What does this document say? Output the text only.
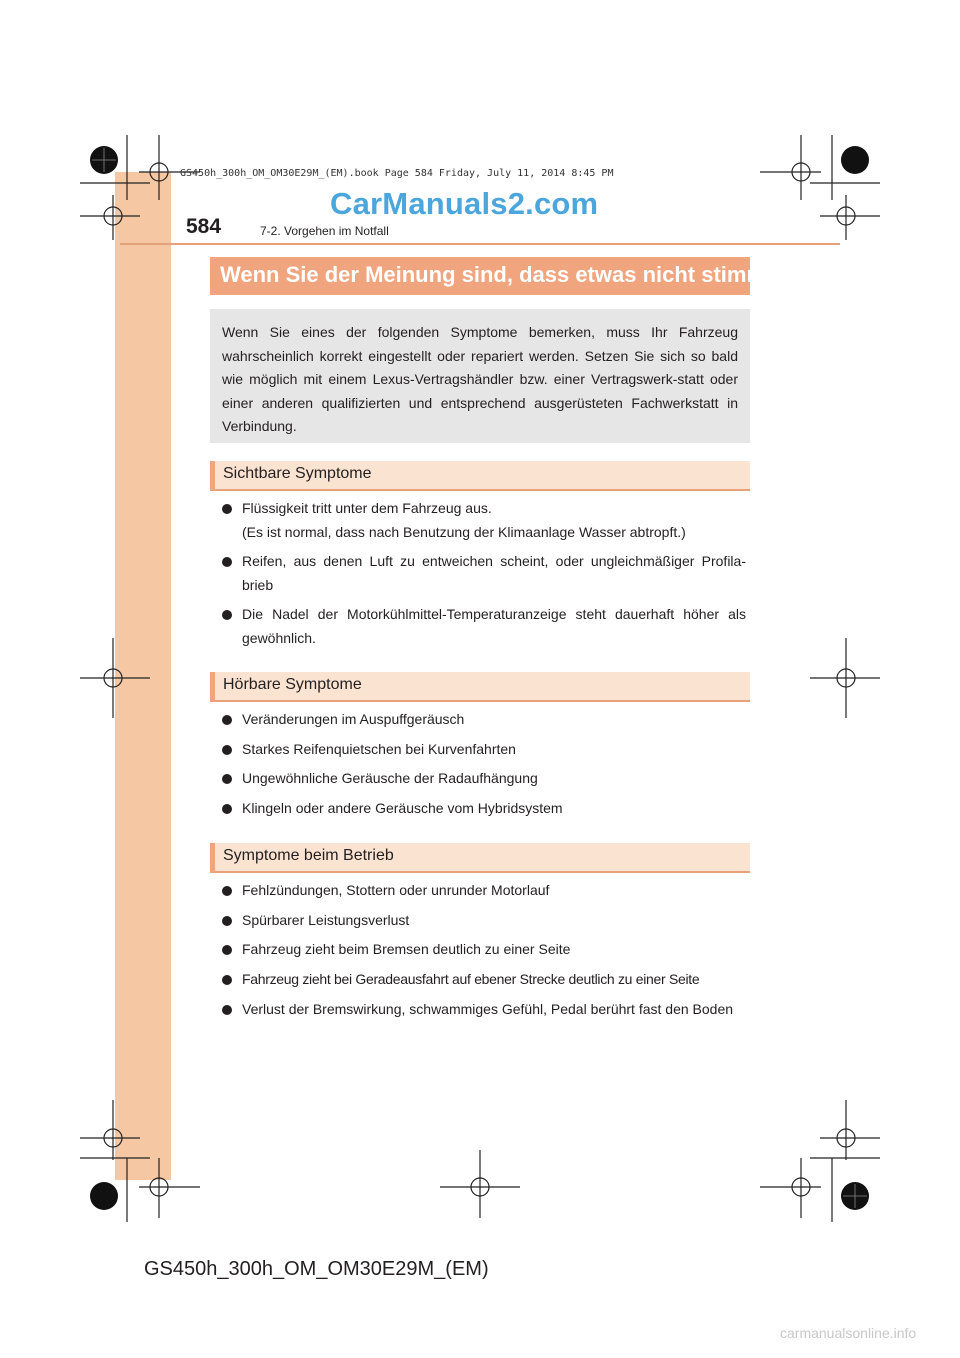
GS450h_300h_OM_OM30E29M_(EM).book Page 584 Friday, July 11, 2014 8:45 PM
CarManuals2.com
584	7-2. Vorgehen im Notfall
Wenn Sie der Meinung sind, dass etwas nicht stimmt

Wenn Sie eines der folgenden Symptome bemerken, muss Ihr Fahrzeug wahrscheinlich korrekt eingestellt oder repariert werden. Setzen Sie sich so bald wie möglich mit einem Lexus-Vertragshändler bzw. einer Vertragswerk-statt oder einer anderen qualifizierten und entsprechend ausgerüsteten Fachwerkstatt in Verbindung.

Sichtbare Symptome
Flüssigkeit tritt unter dem Fahrzeug aus.
(Es ist normal, dass nach Benutzung der Klimaanlage Wasser abtropft.)
Reifen, aus denen Luft zu entweichen scheint, oder ungleichmäßiger Profila-brieb
Die Nadel der Motorkühlmittel-Temperaturanzeige steht dauerhaft höher als gewöhnlich.
Hörbare Symptome
Veränderungen im Auspuffgeräusch
Starkes Reifenquietschen bei Kurvenfahrten
Ungewöhnliche Geräusche der Radaufhängung
Klingeln oder andere Geräusche vom Hybridsystem
Symptome beim Betrieb
Fehlzündungen, Stottern oder unrunder Motorlauf
Spürbarer Leistungsverlust
Fahrzeug zieht beim Bremsen deutlich zu einer Seite
Fahrzeug zieht bei Geradeausfahrt auf ebener Strecke deutlich zu einer Seite
Verlust der Bremswirkung, schwammiges Gefühl, Pedal berührt fast den Boden
GS450h_300h_OM_OM30E29M_(EM)
carmanualsonline.info
